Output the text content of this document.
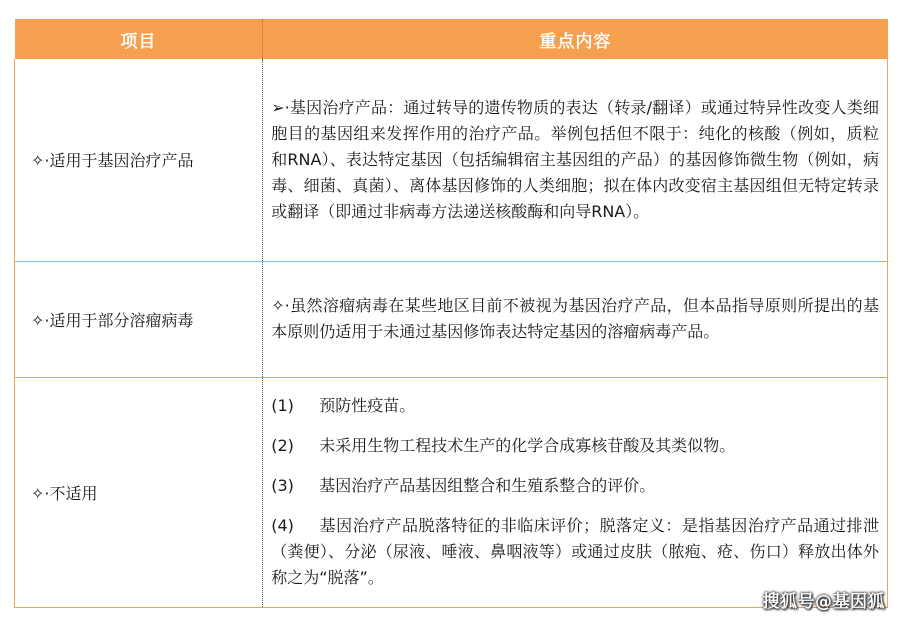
项目	重点内容
✧·适用于基因治疗产品	➢·基因治疗产品：通过转导的遗传物质的表达（转录/翻译）或通过特异性改变人类细胞目的基因组来发挥作用的治疗产品。举例包括但不限于：纯化的核酸（例如，质粒和RNA）、表达特定基因（包括编辑宿主基因组的产品）的基因修饰微生物（例如，病毒、细菌、真菌）、离体基因修饰的人类细胞；拟在体内改变宿主基因组但无特定转录或翻译（即通过非病毒方法递送核酸酶和向导RNA）。
✧·适用于部分溶瘤病毒	✧·虽然溶瘤病毒在某些地区目前不被视为基因治疗产品，但本品指导原则所提出的基本原则仍适用于未通过基因修饰表达特定基因的溶瘤病毒产品。
✧·不适用	(1) 预防性疫苗。
(2) 未采用生物工程技术生产的化学合成寡核苷酸及其类似物。
(3) 基因治疗产品基因组整合和生殖系整合的评价。
(4) 基因治疗产品脱落特征的非临床评价；脱落定义：是指基因治疗产品通过排泄（粪便）、分泌（尿液、唾液、鼻咽液等）或通过皮肤（脓疱、疮、伤口）释放出体外称之为“脱落”。
搜狐号@基因狐
